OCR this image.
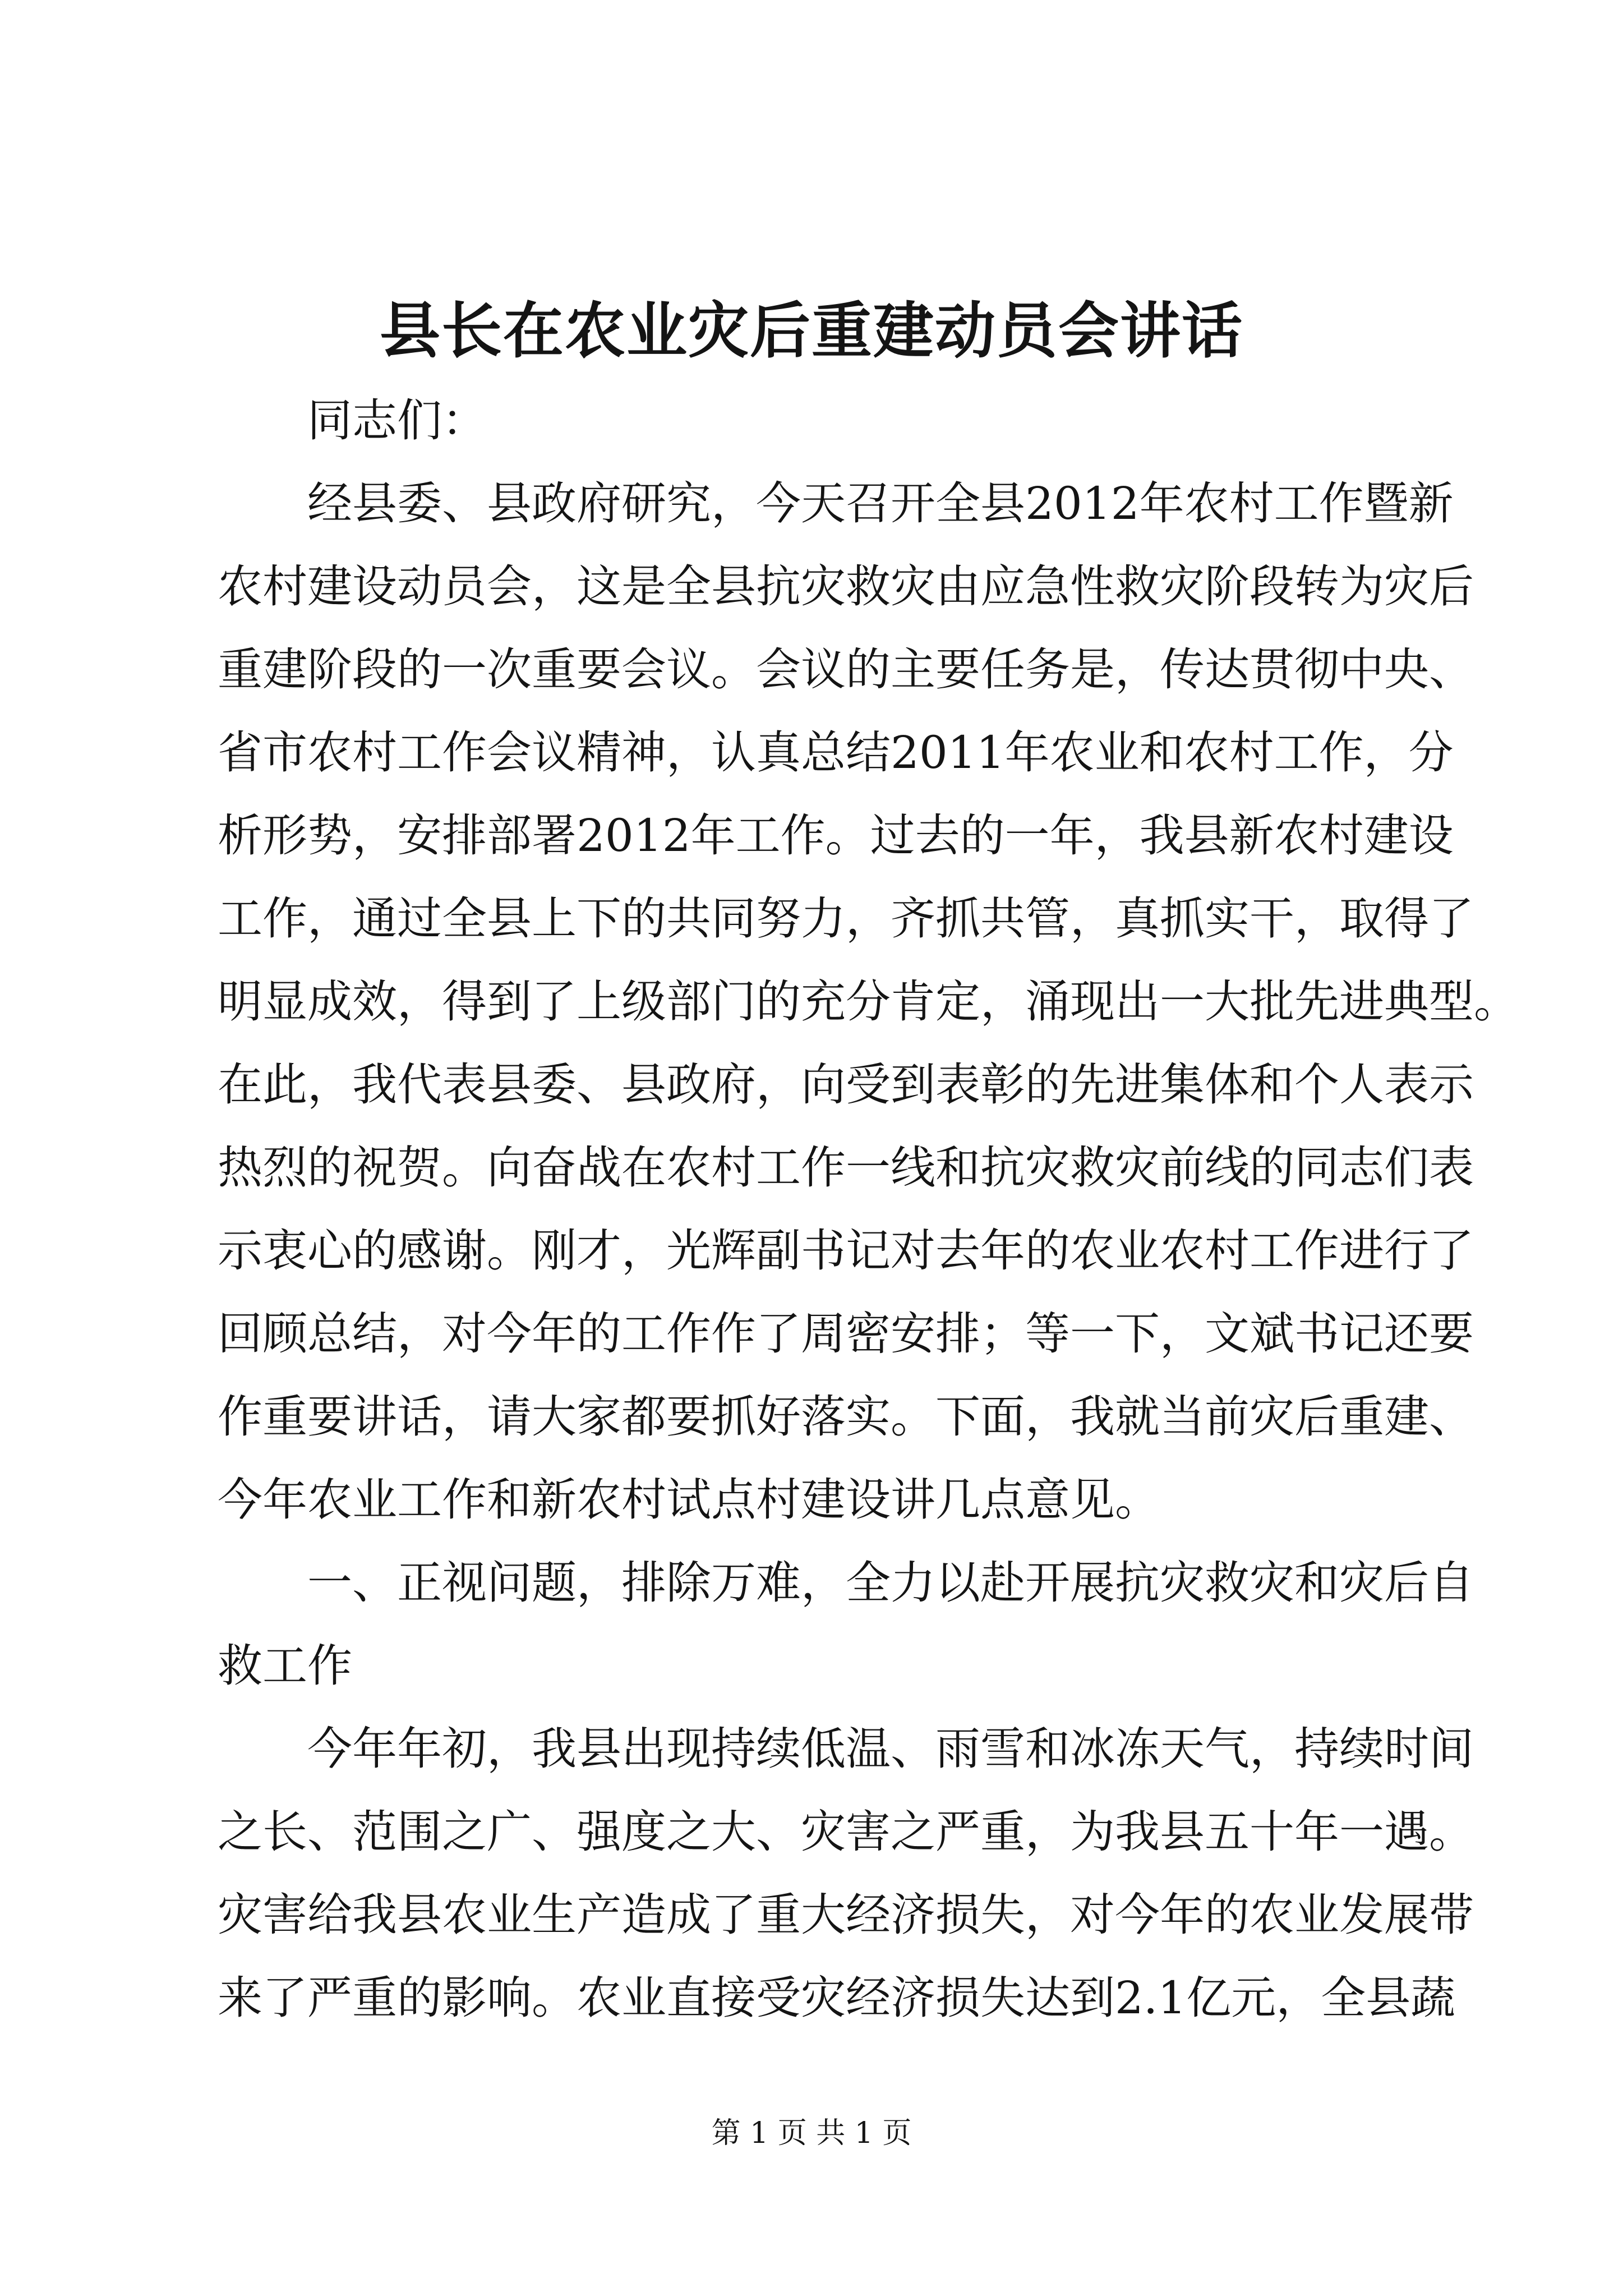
县长在农业灾后重建动员会讲话

同志们：

经县委、县政府研究，今天召开全县2012年农村工作暨新

农村建设动员会，这是全县抗灾救灾由应急性救灾阶段转为灾后

重建阶段的一次重要会议。会议的主要任务是，传达贯彻中央、

省市农村工作会议精神，认真总结2011年农业和农村工作，分

析形势，安排部署2012年工作。过去的一年，我县新农村建设

工作，通过全县上下的共同努力，齐抓共管，真抓实干，取得了

明显成效，得到了上级部门的充分肯定，涌现出一大批先进典型。

在此，我代表县委、县政府，向受到表彰的先进集体和个人表示

热烈的祝贺。向奋战在农村工作一线和抗灾救灾前线的同志们表

示衷心的感谢。刚才，光辉副书记对去年的农业农村工作进行了

回顾总结，对今年的工作作了周密安排；等一下，文斌书记还要

作重要讲话，请大家都要抓好落实。下面，我就当前灾后重建、

今年农业工作和新农村试点村建设讲几点意见。

一、正视问题，排除万难，全力以赴开展抗灾救灾和灾后自

救工作

今年年初，我县出现持续低温、雨雪和冰冻天气，持续时间

之长、范围之广、强度之大、灾害之严重，为我县五十年一遇。

灾害给我县农业生产造成了重大经济损失，对今年的农业发展带

来了严重的影响。农业直接受灾经济损失达到2.1亿元，全县蔬

第 1 页 共 1 页
